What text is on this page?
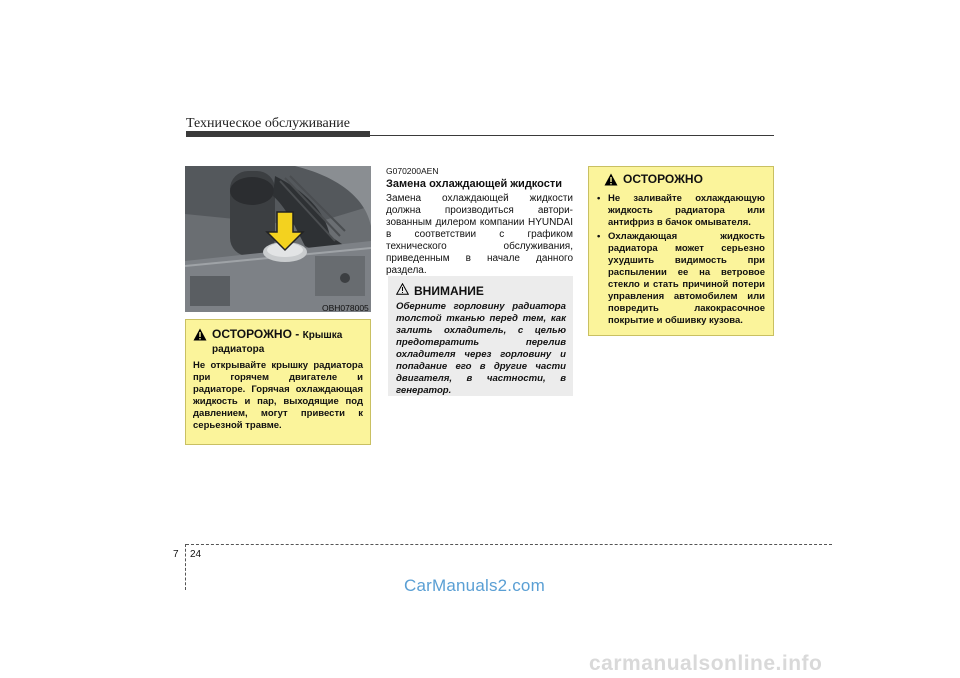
Техническое обслуживание
OBH078005
ОСТОРОЖНО - Крышка радиатора
Не открывайте крышку радиатора при горячем двигателе и радиаторе. Горячая охлаждающая жидкость и пар, выходящие под давлением, могут привести к серьезной травме.
G070200AEN
Замена охлаждающей жидкости
Замена охлаждающей жидкости должна производиться автори-зованным дилером компании HYUNDAI в соответствии с графиком технического обслуживания, приведенным в начале данного раздела.
ВНИМАНИЕ
Оберните горловину радиатора толстой тканью перед тем, как залить охладитель, с целью предотвратить перелив охладителя через горловину и попадание его в другие части двигателя, в частности, в генератор.
ОСТОРОЖНО
• Не заливайте охлаждающую жидкость радиатора или антифриз в бачок омывателя.
• Охлаждающая жидкость радиатора может серьезно ухудшить видимость при распылении ее на ветровое стекло и стать причиной потери управления автомобилем или повредить лакокрасочное покрытие и обшивку кузова.
7 24
CarManuals2.com
carmanualsonline.info
